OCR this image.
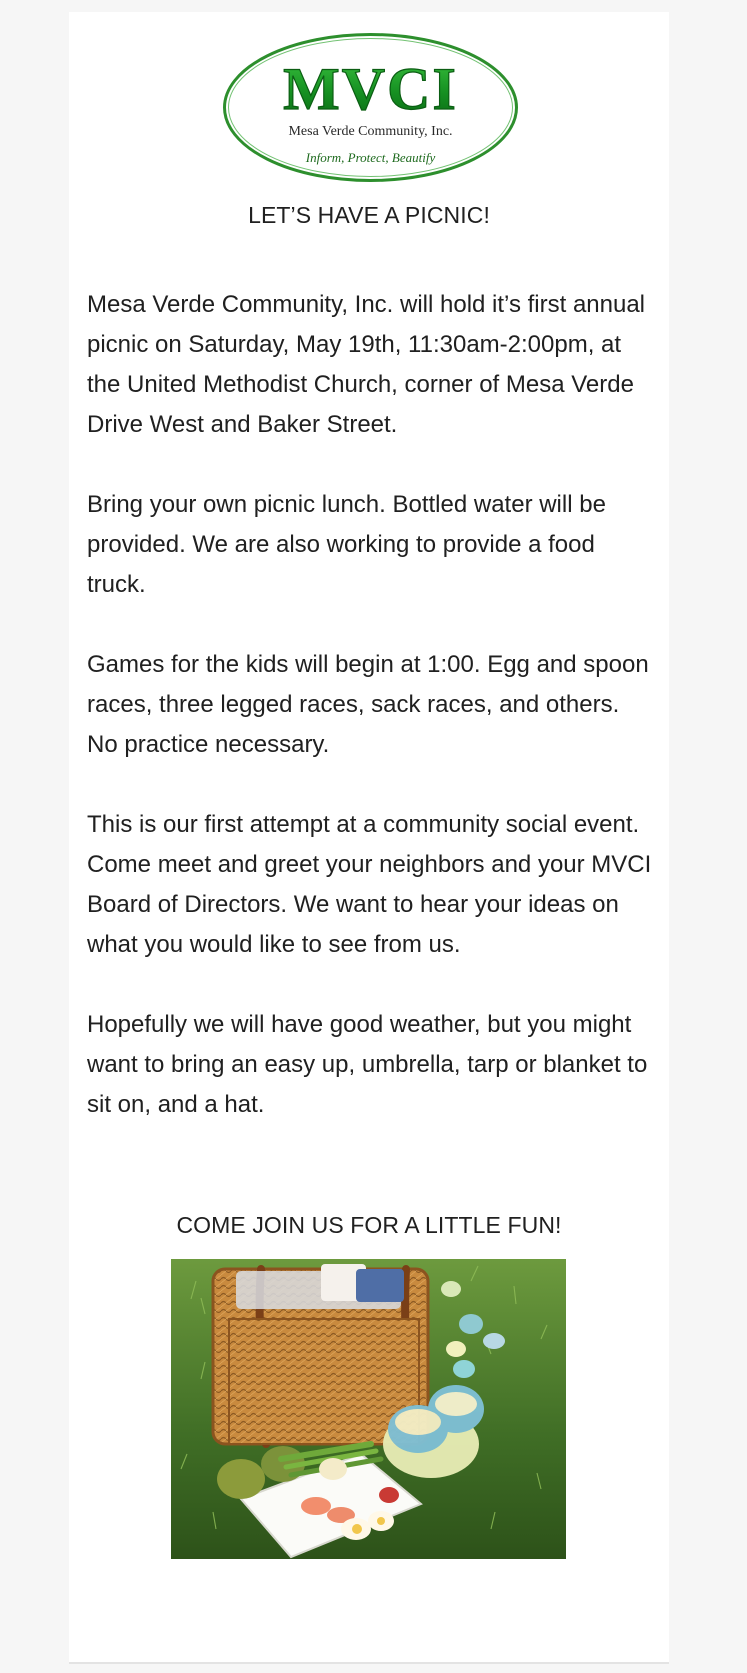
MVCI
Mesa Verde Community, Inc.
Inform, Protect, Beautify
LET’S HAVE A PICNIC!

Mesa Verde Community, Inc. will hold it’s first annual picnic on Saturday, May 19th, 11:30am-2:00pm, at the United Methodist Church, corner of Mesa Verde Drive West and Baker Street.

Bring your own picnic lunch. Bottled water will be provided. We are also working to provide a food truck.

Games for the kids will begin at 1:00. Egg and spoon races, three legged races, sack races, and others. No practice necessary.

This is our first attempt at a community social event. Come meet and greet your neighbors and your MVCI Board of Directors. We want to hear your ideas on what you would like to see from us.

Hopefully we will have good weather, but you might want to bring an easy up, umbrella, tarp or blanket to sit on, and a hat.

COME JOIN US FOR A LITTLE FUN!
